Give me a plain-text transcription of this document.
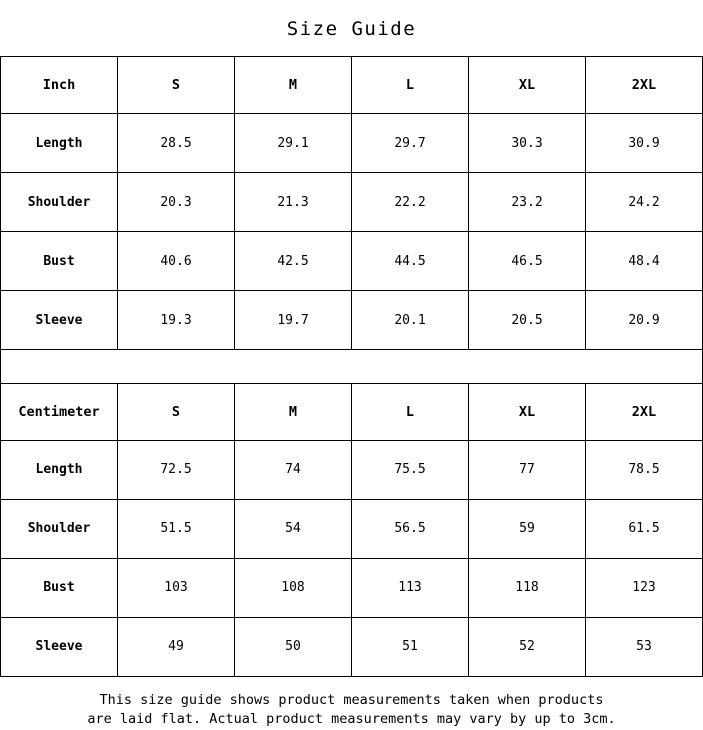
Size Guide
Inch	S	M	L	XL	2XL
Length	28.5	29.1	29.7	30.3	30.9
Shoulder	20.3	21.3	22.2	23.2	24.2
Bust	40.6	42.5	44.5	46.5	48.4
Sleeve	19.3	19.7	20.1	20.5	20.9
Centimeter	S	M	L	XL	2XL
Length	72.5	74	75.5	77	78.5
Shoulder	51.5	54	56.5	59	61.5
Bust	103	108	113	118	123
Sleeve	49	50	51	52	53
This size guide shows product measurements taken when products
are laid flat. Actual product measurements may vary by up to 3cm.
